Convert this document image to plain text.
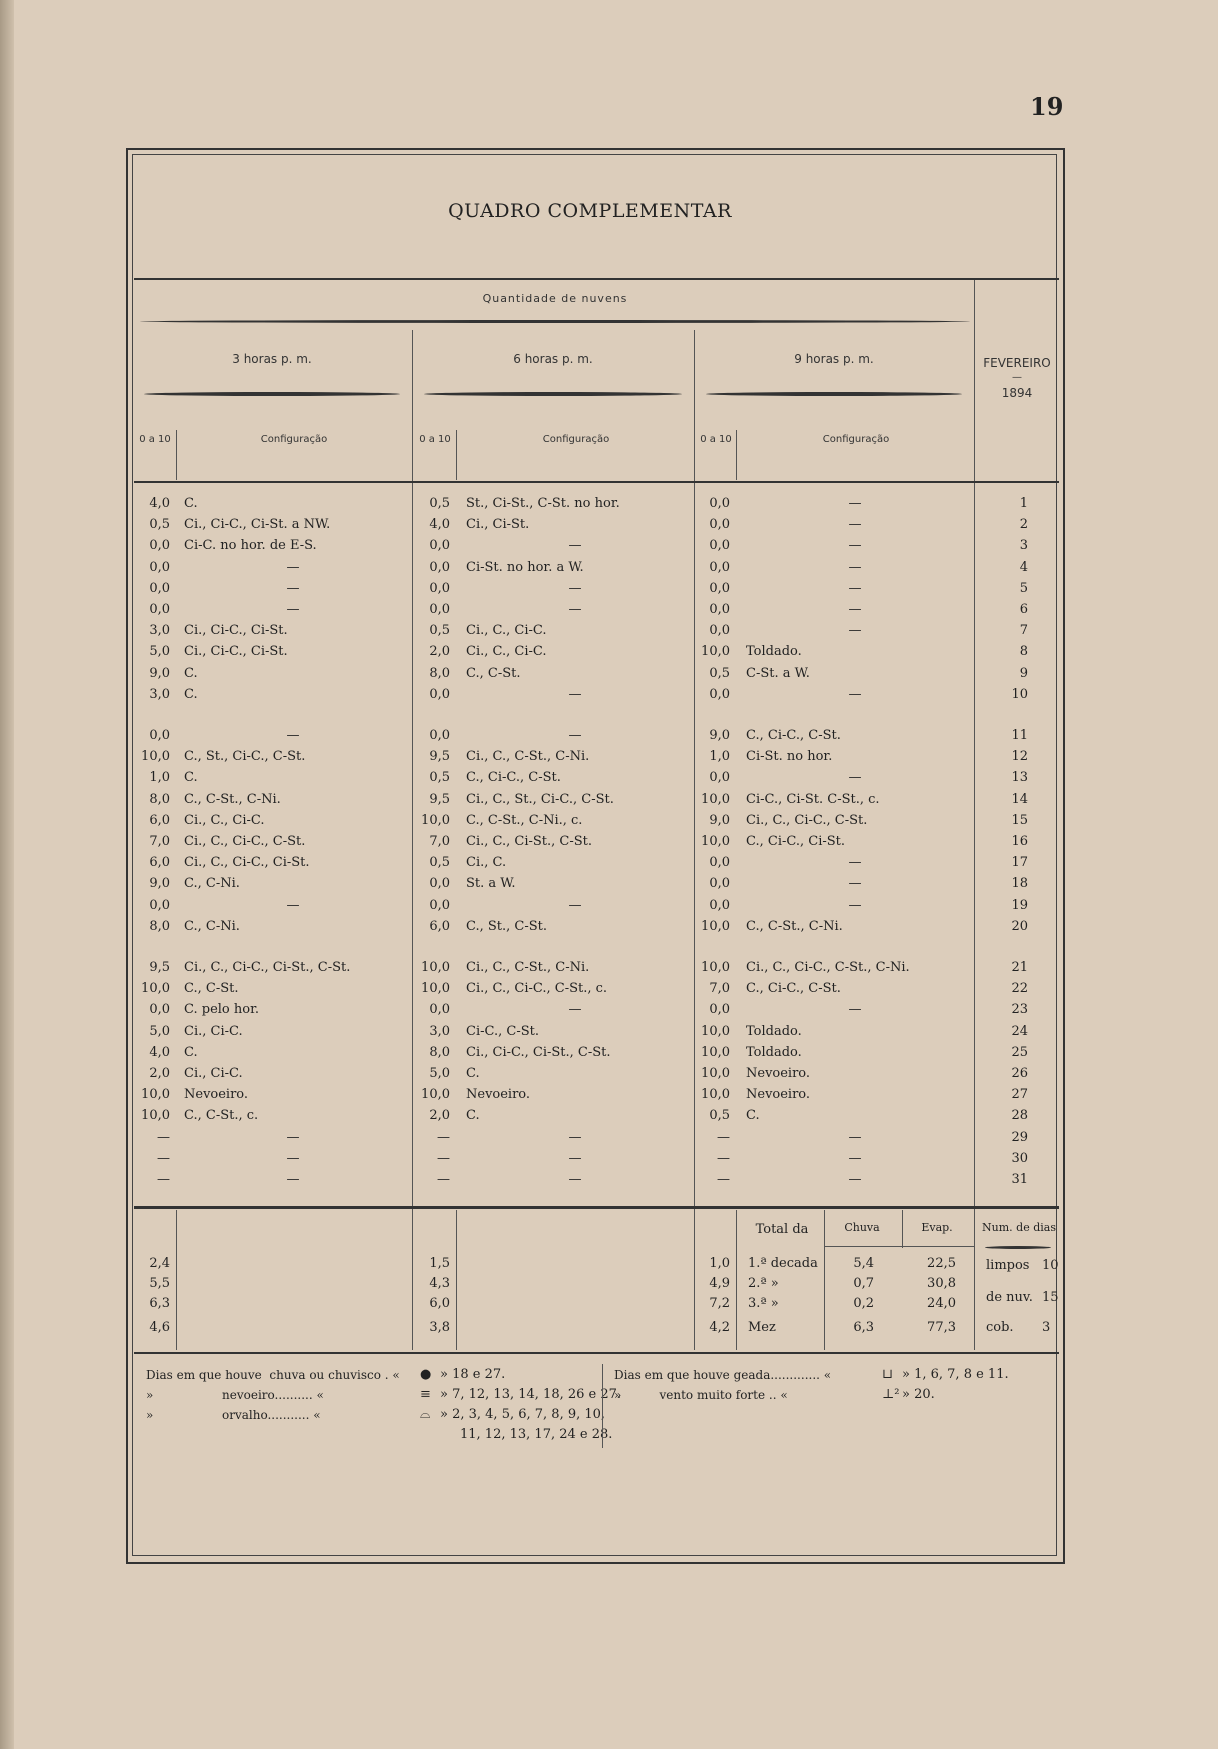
19
QUADRO COMPLEMENTAR
Quantidade de nuvens
3 horas p. m.	6 horas p. m.	9 horas p. m.	FEVEREIRO
—
1894
0 a 10	Configuração	0 a 10	Configuração	0 a 10	Configuração
4,0 C.	0,5 St., Ci-St., C-St. no hor.	0,0	—	1
0,5 Ci., Ci-C., Ci-St. a NW.	4,0 Ci., Ci-St.	0,0	—	2
0,0 Ci-C. no hor. de E-S.	0,0	—	0,0	—	3
0,0	—	0,0 Ci-St. no hor. a W.	0,0	—	4
0,0	—	0,0	—	0,0	—	5
0,0	—	0,0	—	0,0	—	6
3,0 Ci., Ci-C., Ci-St.	0,5 Ci., C., Ci-C.	0,0	—	7
5,0 Ci., Ci-C., Ci-St.	2,0 Ci., C., Ci-C.	10,0 Toldado.	8
9,0 C.	8,0 C., C-St.	0,5 C-St. a W.	9
3,0 C.	0,0	—	0,0	—	10
0,0	—	0,0	—	9,0 C., Ci-C., C-St.	11
10,0 C., St., Ci-C., C-St.	9,5 Ci., C., C-St., C-Ni.	1,0 Ci-St. no hor.	12
1,0 C.	0,5 C., Ci-C., C-St.	0,0	—	13
8,0 C., C-St., C-Ni.	9,5 Ci., C., St., Ci-C., C-St.	10,0 Ci-C., Ci-St. C-St., c.	14
6,0 Ci., C., Ci-C.	10,0 C., C-St., C-Ni., c.	9,0 Ci., C., Ci-C., C-St.	15
7,0 Ci., C., Ci-C., C-St.	7,0 Ci., C., Ci-St., C-St.	10,0 C., Ci-C., Ci-St.	16
6,0 Ci., C., Ci-C., Ci-St.	0,5 Ci., C.	0,0	—	17
9,0 C., C-Ni.	0,0 St. a W.	0,0	—	18
0,0	—	0,0	—	0,0	—	19
8,0 C., C-Ni.	6,0 C., St., C-St.	10,0 C., C-St., C-Ni.	20
9,5 Ci., C., Ci-C., Ci-St., C-St.	10,0 Ci., C., C-St., C-Ni.	10,0 Ci., C., Ci-C., C-St., C-Ni.	21
10,0 C., C-St.	10,0 Ci., C., Ci-C., C-St., c.	7,0 C., Ci-C., C-St.	22
0,0 C. pelo hor.	0,0	—	0,0	—	23
5,0 Ci., Ci-C.	3,0 Ci-C., C-St.	10,0 Toldado.	24
4,0 C.	8,0 Ci., Ci-C., Ci-St., C-St.	10,0 Toldado.	25
2,0 Ci., Ci-C.	5,0 C.	10,0 Nevoeiro.	26
10,0 Nevoeiro.	10,0 Nevoeiro.	10,0 Nevoeiro.	27
10,0 C., C-St., c.	2,0 C.	0,5 C.	28
—	—	—	—	—	—	29
—	—	—	—	—	—	30
—	—	—	—	—	—	31
Total da	Chuva	Evap.	Num. de dias
2,4	1,5	1,0 1.ª decada	5,4	22,5
5,5	4,3	4,9 2.ª »	0,7	30,8
6,3	6,0	7,2 3.ª »	0,2	24,0
4,6	3,8	4,2 Mez	6,3	77,3
limpos 10
de nuv. 15
cob. 3
Dias em que houve  chuva ou chuvisco . « ● » 18 e 27.
»                  nevoeiro.......... «	≡ » 7, 12, 13, 14, 18, 26 e 27.
»                  orvalho........... «	⌓ » 2, 3, 4, 5, 6, 7, 8, 9, 10,
11, 12, 13, 17, 24 e 28.
Dias em que houve geada............. «	⊔ » 1, 6, 7, 8 e 11.
»          vento muito forte .. «	⊥² » 20.
